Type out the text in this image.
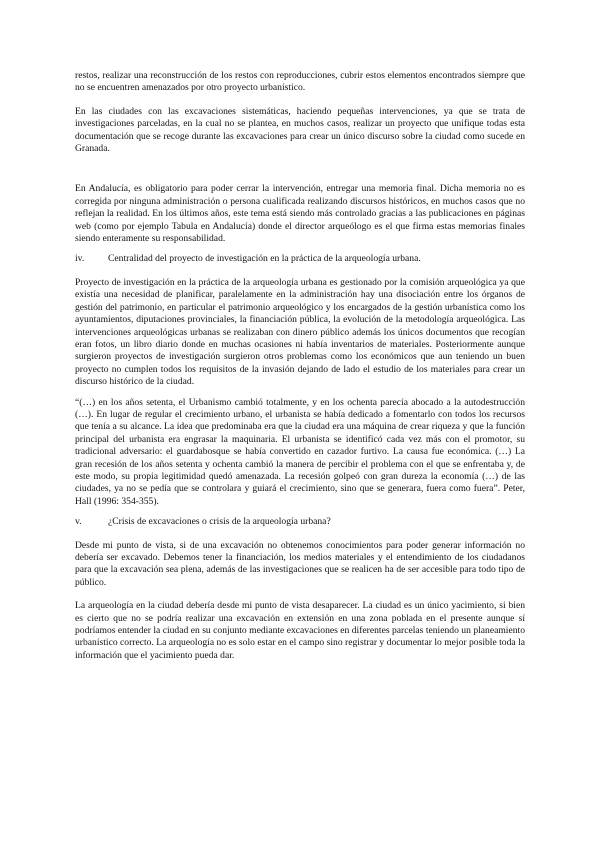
restos, realizar una reconstrucción de los restos con reproducciones, cubrir estos elementos encontrados siempre que no se encuentren amenazados por otro proyecto urbanístico.

En las ciudades con las excavaciones sistemáticas, haciendo pequeñas intervenciones, ya que se trata de investigaciones parceladas, en la cual no se plantea, en muchos casos, realizar un proyecto que unifique todas esta documentación que se recoge durante las excavaciones para crear un único discurso sobre la ciudad como sucede en Granada.

En Andalucía, es obligatorio para poder cerrar la intervención, entregar una memoria final. Dicha memoria no es corregida por ninguna administración o persona cualificada realizando discursos históricos, en muchos casos que no reflejan la realidad. En los últimos años, este tema está siendo más controlado gracias a las publicaciones en páginas web (como por ejemplo Tabula en Andalucía) donde el director arqueólogo es el que firma estas memorias finales siendo enteramente su responsabilidad.

iv.	Centralidad del proyecto de investigación en la práctica de la arqueología urbana.

Proyecto de investigación en la práctica de la arqueología urbana es gestionado por la comisión arqueológica ya que existía una necesidad de planificar, paralelamente en la administración hay una disociación entre los órganos de gestión del patrimonio, en particular el patrimonio arqueológico y los encargados de la gestión urbanística como los ayuntamientos, diputaciones provinciales, la financiación pública, la evolución de la metodología arqueológica. Las intervenciones arqueológicas urbanas se realizaban con dinero público además los únicos documentos que recogían eran fotos, un libro diario donde en muchas ocasiones ni había inventarios de materiales. Posteriormente aunque surgieron proyectos de investigación surgieron otros problemas como los económicos que aun teniendo un buen proyecto no cumplen todos los requisitos de la invasión dejando de lado el estudio de los materiales para crear un discurso histórico de la ciudad.

“(…) en los años setenta, el Urbanismo cambió totalmente, y en los ochenta parecía abocado a la autodestrucción (…). En lugar de regular el crecimiento urbano, el urbanista se había dedicado a fomentarlo con todos los recursos que tenía a su alcance. La idea que predominaba era que la ciudad era una máquina de crear riqueza y que la función principal del urbanista era engrasar la maquinaria. El urbanista se identificó cada vez más con el promotor, su tradicional adversario: el guardabosque se había convertido en cazador furtivo. La causa fue económica. (…) La gran recesión de los años setenta y ochenta cambió la manera de percibir el problema con el que se enfrentaba y, de este modo, su propia legitimidad quedó amenazada. La recesión golpeó con gran dureza la economía (…) de las ciudades, ya no se pedía que se controlara y guiará el crecimiento, sino que se generara, fuera como fuera”. Peter, Hall (1996: 354-355).

v.	¿Crisis de excavaciones o crisis de la arqueología urbana?

Desde mi punto de vista, si de una excavación no obtenemos conocimientos para poder generar información no debería ser excavado. Debemos tener la financiación, los medios materiales y el entendimiento de los ciudadanos para que la excavación sea plena, además de las investigaciones que se realicen ha de ser accesible para todo tipo de público.

La arqueología en la ciudad debería desde mi punto de vista desaparecer. La ciudad es un único yacimiento, si bien es cierto que no se podría realizar una excavación en extensión en una zona poblada en el presente aunque sí podríamos entender la ciudad en su conjunto mediante excavaciones en diferentes parcelas teniendo un planeamiento urbanístico correcto. La arqueología no es solo estar en el campo sino registrar y documentar lo mejor posible toda la información que el yacimiento pueda dar.
